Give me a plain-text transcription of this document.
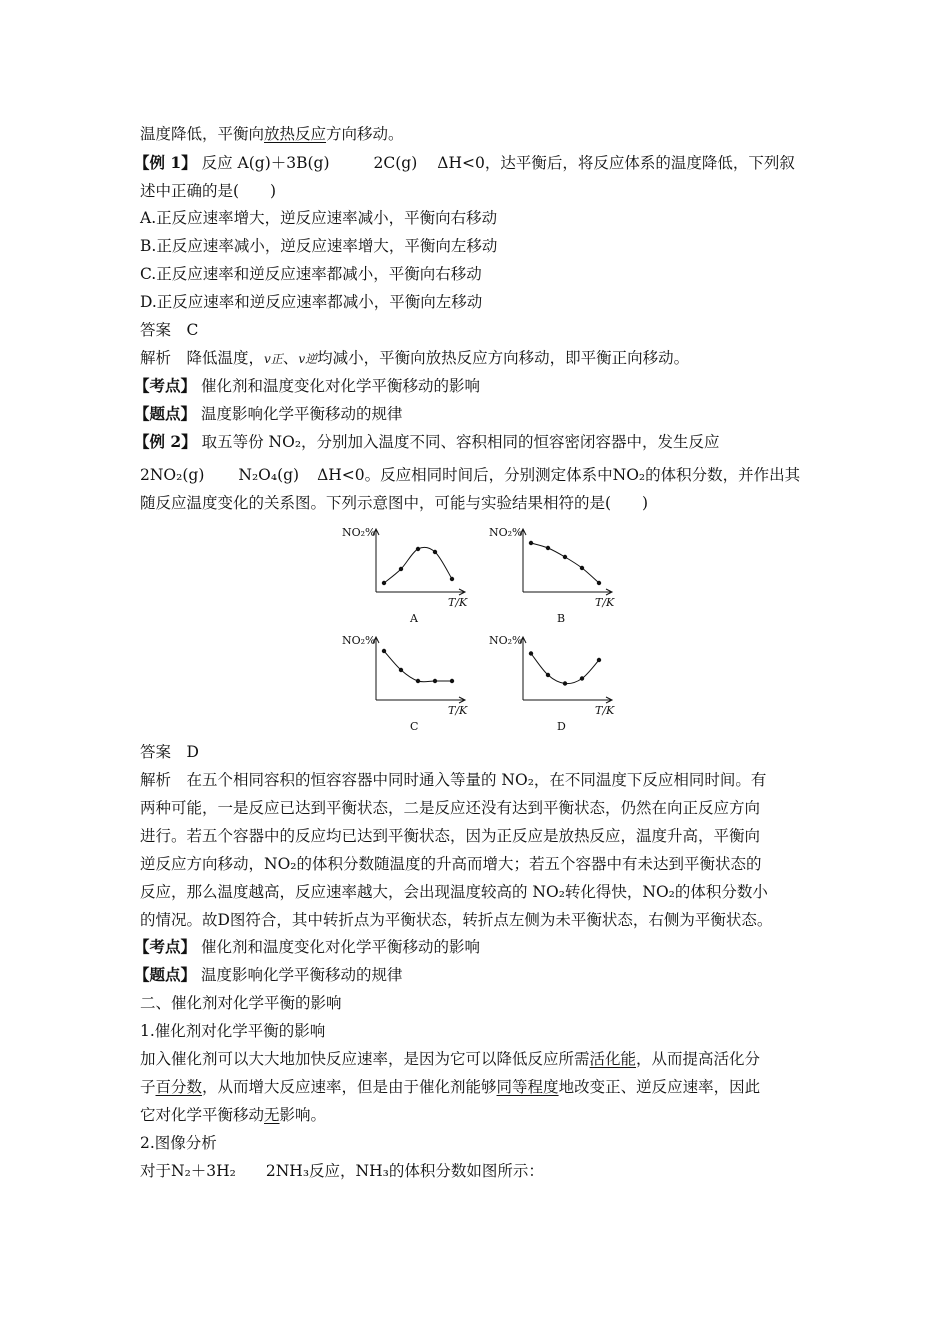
温度降低，平衡向放热反应方向移动。
【例 1】 反应 A(g)＋3B(g)	2C(g) ΔH<0，达平衡后，将反应体系的温度降低，下列叙
述中正确的是(　　)
A.正反应速率增大，逆反应速率减小，平衡向右移动
B.正反应速率减小，逆反应速率增大，平衡向左移动
C.正反应速率和逆反应速率都减小，平衡向右移动
D.正反应速率和逆反应速率都减小，平衡向左移动
答案　C
解析　降低温度，v正、v逆均减小，平衡向放热反应方向移动，即平衡正向移动。
【考点】 催化剂和温度变化对化学平衡移动的影响
【题点】 温度影响化学平衡移动的规律
【例 2】 取五等份 NO₂，分别加入温度不同、容积相同的恒容密闭容器中，发生反应
2NO₂(g) N₂O₄(g) ΔH<0。反应相同时间后，分别测定体系中NO₂的体积分数，并作出其
随反应温度变化的关系图。下列示意图中，可能与实验结果相符的是(　　)
NO₂%
T/K
A
NO₂%
T/K
B
NO₂%
T/K
C
NO₂%
T/K
D
答案　D
解析　在五个相同容积的恒容容器中同时通入等量的 NO₂，在不同温度下反应相同时间。有
两种可能，一是反应已达到平衡状态，二是反应还没有达到平衡状态，仍然在向正反应方向
进行。若五个容器中的反应均已达到平衡状态，因为正反应是放热反应，温度升高，平衡向
逆反应方向移动，NO₂的体积分数随温度的升高而增大；若五个容器中有未达到平衡状态的
反应，那么温度越高，反应速率越大，会出现温度较高的 NO₂转化得快，NO₂的体积分数小
的情况。故D图符合，其中转折点为平衡状态，转折点左侧为未平衡状态，右侧为平衡状态。
【考点】 催化剂和温度变化对化学平衡移动的影响
【题点】 温度影响化学平衡移动的规律
二、催化剂对化学平衡的影响
1.催化剂对化学平衡的影响
加入催化剂可以大大地加快反应速率，是因为它可以降低反应所需活化能，从而提高活化分
子百分数，从而增大反应速率，但是由于催化剂能够同等程度地改变正、逆反应速率，因此
它对化学平衡移动无影响。
2.图像分析
对于N₂＋3H₂ 2NH₃反应，NH₃的体积分数如图所示：
